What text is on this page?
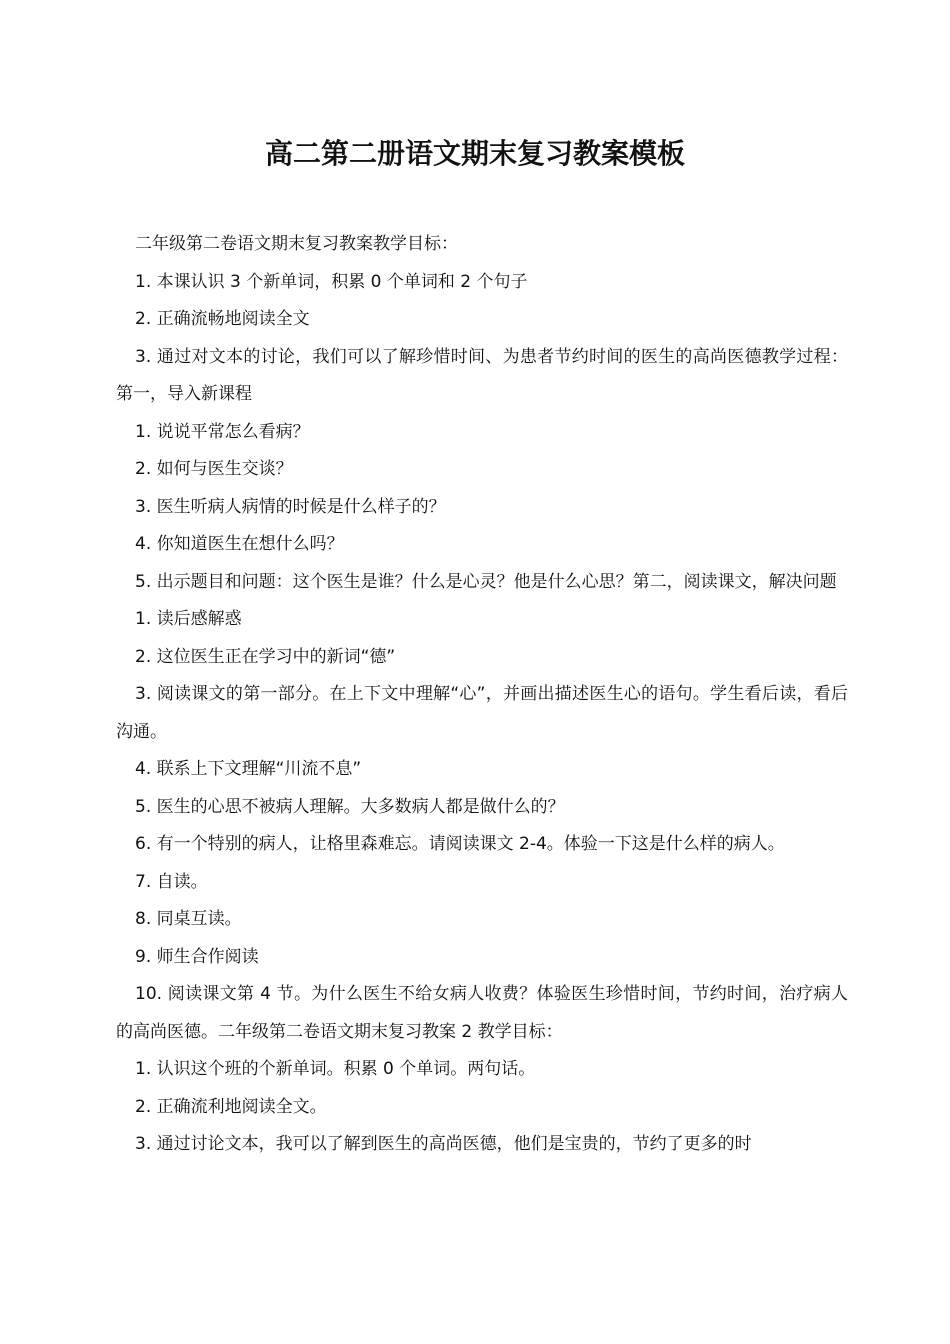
高二第二册语文期末复习教案模板

二年级第二卷语文期末复习教案教学目标：

1. 本课认识 3 个新单词，积累 0 个单词和 2 个句子

2. 正确流畅地阅读全文

3. 通过对文本的讨论，我们可以了解珍惜时间、为患者节约时间的医生的高尚医德教学过程：第一，导入新课程

1. 说说平常怎么看病？

2. 如何与医生交谈？

3. 医生听病人病情的时候是什么样子的？

4. 你知道医生在想什么吗？

5. 出示题目和问题：这个医生是谁？什么是心灵？他是什么心思？第二，阅读课文，解决问题

1. 读后感解惑

2. 这位医生正在学习中的新词“德”

3. 阅读课文的第一部分。在上下文中理解“心”，并画出描述医生心的语句。学生看后读，看后沟通。

4. 联系上下文理解“川流不息”

5. 医生的心思不被病人理解。大多数病人都是做什么的？

6. 有一个特别的病人，让格里森难忘。请阅读课文 2-4。体验一下这是什么样的病人。

7. 自读。

8. 同桌互读。

9. 师生合作阅读

10. 阅读课文第 4 节。为什么医生不给女病人收费？体验医生珍惜时间，节约时间，治疗病人的高尚医德。二年级第二卷语文期末复习教案 2 教学目标：

1. 认识这个班的个新单词。积累 0 个单词。两句话。

2. 正确流利地阅读全文。

3. 通过讨论文本，我可以了解到医生的高尚医德，他们是宝贵的，节约了更多的时
